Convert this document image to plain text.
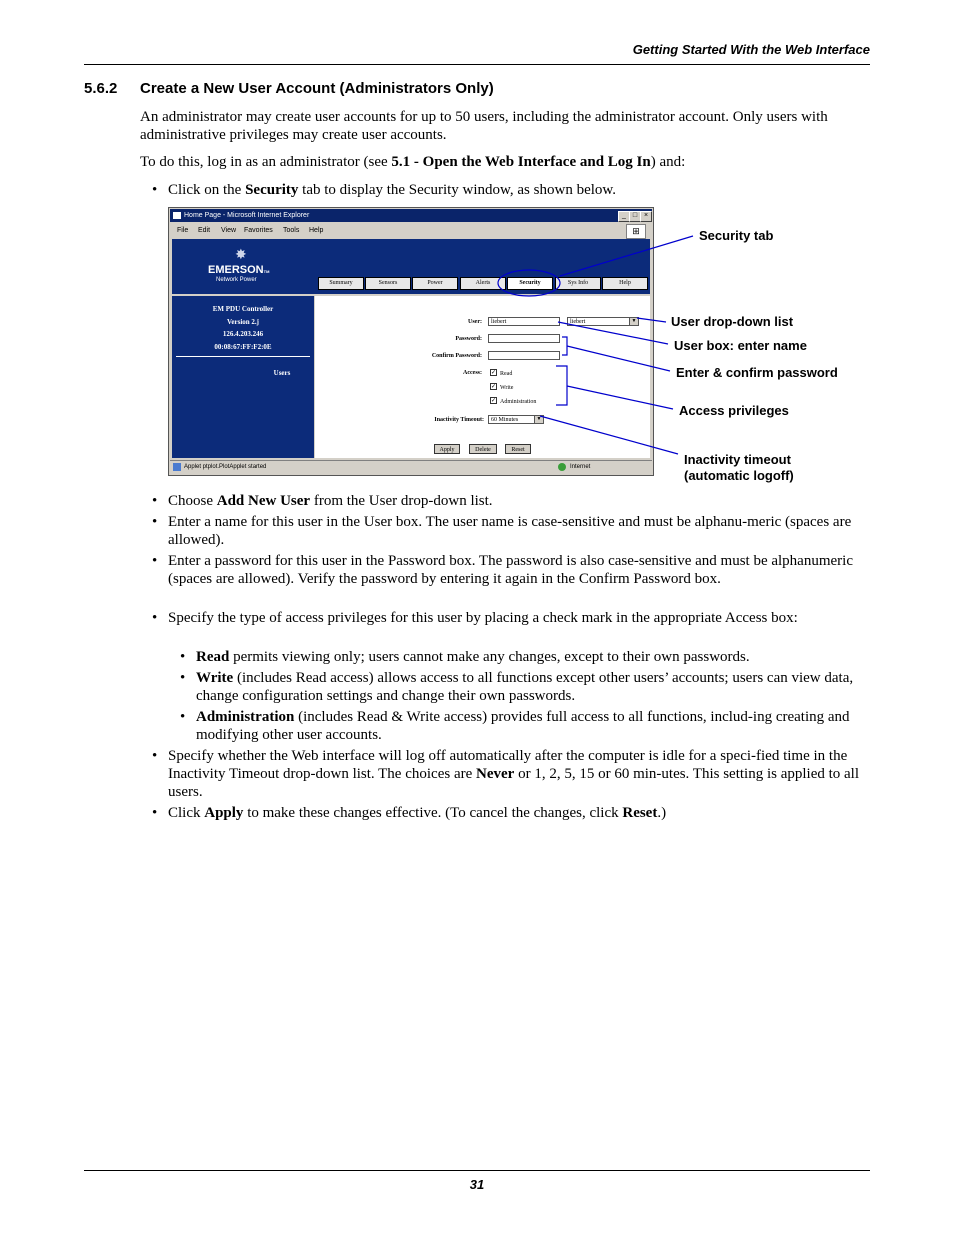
Getting Started With the Web Interface
5.6.2 Create a New User Account (Administrators Only)
An administrator may create user accounts for up to 50 users, including the administrator account. Only users with administrative privileges may create user accounts.
To do this, log in as an administrator (see 5.1 - Open the Web Interface and Log In) and:
• Click on the Security tab to display the Security window, as shown below.
Home Page - Microsoft Internet Explorer	_ □ ×
File Edit View Favorites Tools Help	⊞
✸
EMERSONTM
Network Power	Summary	Sensors	Power	Alerts	Security	Sys Info	Help
EM PDU Controller
Version 2.j
126.4.203.246
00:08:67:FF:F2:0E
Users
User:	liebert	liebert	▼
Password:
Confirm Password:
Access: ✓ Read
✓ Write
✓ Administration
Inactivity Timeout:	60 Minutes	▼
Apply	Delete	Reset
Applet ptplot.PlotApplet started	Internet
Security tab
User drop-down list
User box: enter name
Enter & confirm password
Access privileges
Inactivity timeout
(automatic logoff)
• Choose Add New User from the User drop-down list.
• Enter a name for this user in the User box. The user name is case-sensitive and must be alphanu-meric (spaces are allowed).
• Enter a password for this user in the Password box. The password is also case-sensitive and must be alphanumeric (spaces are allowed). Verify the password by entering it again in the Confirm Password box.
• Specify the type of access privileges for this user by placing a check mark in the appropriate Access box:
• Read permits viewing only; users cannot make any changes, except to their own passwords.
• Write (includes Read access) allows access to all functions except other users’ accounts; users can view data, change configuration settings and change their own passwords.
• Administration (includes Read & Write access) provides full access to all functions, includ-ing creating and modifying other user accounts.
• Specify whether the Web interface will log off automatically after the computer is idle for a speci-fied time in the Inactivity Timeout drop-down list. The choices are Never or 1, 2, 5, 15 or 60 min-utes. This setting is applied to all users.
• Click Apply to make these changes effective. (To cancel the changes, click Reset.)
31
